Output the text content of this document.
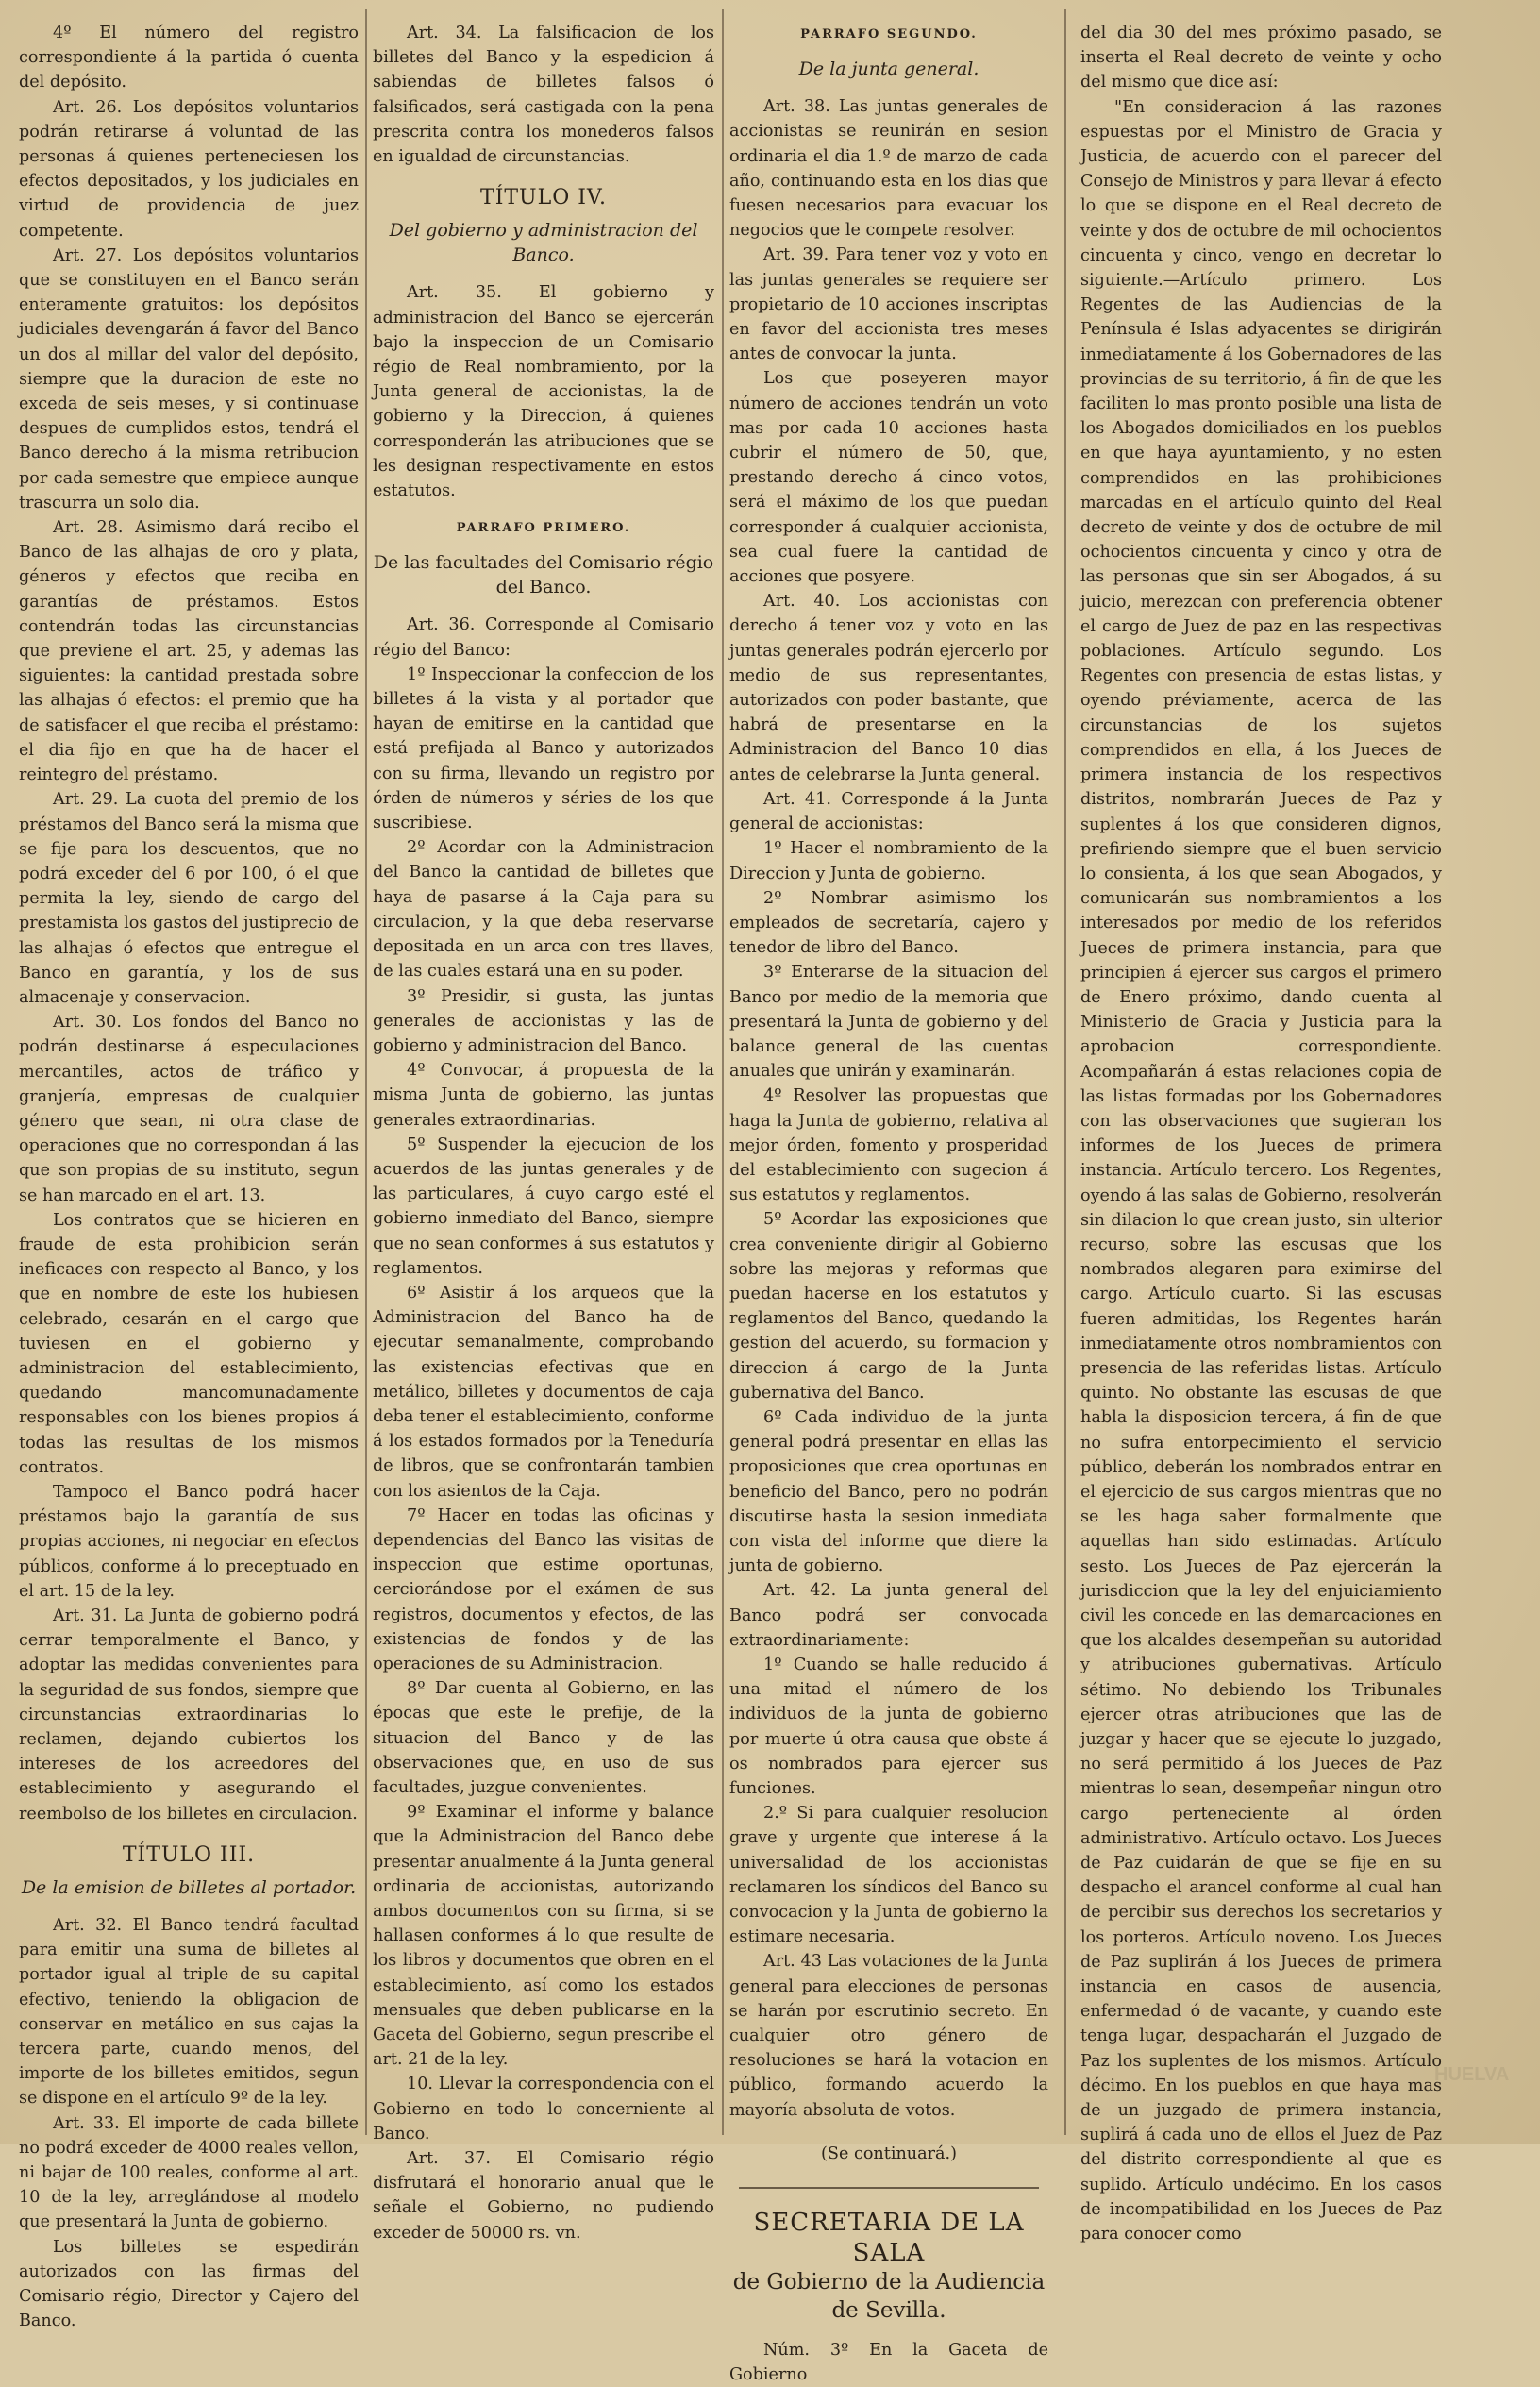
4º El número del registro correspondiente á la partida ó cuenta del depósito.

Art. 26. Los depósitos voluntarios podrán retirarse á voluntad de las personas á quienes perteneciesen los efectos depositados, y los judiciales en virtud de providencia de juez competente.

Art. 27. Los depósitos voluntarios que se constituyen en el Banco serán enteramente gratuitos: los depósitos judiciales devengarán á favor del Banco un dos al millar del valor del depósito, siempre que la duracion de este no exceda de seis meses, y si continuase despues de cumplidos estos, tendrá el Banco derecho á la misma retribucion por cada semestre que empiece aunque trascurra un solo dia.

Art. 28. Asimismo dará recibo el Banco de las alhajas de oro y plata, géneros y efectos que reciba en garantías de préstamos. Estos contendrán todas las circunstancias que previene el art. 25, y ademas las siguientes: la cantidad prestada sobre las alhajas ó efectos: el premio que ha de satisfacer el que reciba el préstamo: el dia fijo en que ha de hacer el reintegro del préstamo.

Art. 29. La cuota del premio de los préstamos del Banco será la misma que se fije para los descuentos, que no podrá exceder del 6 por 100, ó el que permita la ley, siendo de cargo del prestamista los gastos del justiprecio de las alhajas ó efectos que entregue el Banco en garantía, y los de sus almacenaje y conservacion.

Art. 30. Los fondos del Banco no podrán destinarse á especulaciones mercantiles, actos de tráfico y granjería, empresas de cualquier género que sean, ni otra clase de operaciones que no correspondan á las que son propias de su instituto, segun se han marcado en el art. 13.

Los contratos que se hicieren en fraude de esta prohibicion serán ineficaces con respecto al Banco, y los que en nombre de este los hubiesen celebrado, cesarán en el cargo que tuviesen en el gobierno y administracion del establecimiento, quedando mancomunadamente responsables con los bienes propios á todas las resultas de los mismos contratos.

Tampoco el Banco podrá hacer préstamos bajo la garantía de sus propias acciones, ni negociar en efectos públicos, conforme á lo preceptuado en el art. 15 de la ley.

Art. 31. La Junta de gobierno podrá cerrar temporalmente el Banco, y adoptar las medidas convenientes para la seguridad de sus fondos, siempre que circunstancias extraordinarias lo reclamen, dejando cubiertos los intereses de los acreedores del establecimiento y asegurando el reembolso de los billetes en circulacion.

TÍTULO III.

De la emision de billetes al portador.

Art. 32. El Banco tendrá facultad para emitir una suma de billetes al portador igual al triple de su capital efectivo, teniendo la obligacion de conservar en metálico en sus cajas la tercera parte, cuando menos, del importe de los billetes emitidos, segun se dispone en el artículo 9º de la ley.

Art. 33. El importe de cada billete no podrá exceder de 4000 reales vellon, ni bajar de 100 reales, conforme al art. 10 de la ley, arreglándose al modelo que presentará la Junta de gobierno.

Los billetes se espedirán autorizados con las firmas del Comisario régio, Director y Cajero del Banco.

Art. 34. La falsificacion de los billetes del Banco y la espedicion á sabiendas de billetes falsos ó falsificados, será castigada con la pena prescrita contra los monederos falsos en igualdad de circunstancias.

TÍTULO IV.

Del gobierno y administracion del Banco.

Art. 35. El gobierno y administracion del Banco se ejercerán bajo la inspeccion de un Comisario régio de Real nombramiento, por la Junta general de accionistas, la de gobierno y la Direccion, á quienes corresponderán las atribuciones que se les designan respectivamente en estos estatutos.

PARRAFO PRIMERO.

De las facultades del Comisario régio del Banco.

Art. 36. Corresponde al Comisario régio del Banco:

1º Inspeccionar la confeccion de los billetes á la vista y al portador que hayan de emitirse en la cantidad que está prefijada al Banco y autorizados con su firma, llevando un registro por órden de números y séries de los que suscribiese.

2º Acordar con la Administracion del Banco la cantidad de billetes que haya de pasarse á la Caja para su circulacion, y la que deba reservarse depositada en un arca con tres llaves, de las cuales estará una en su poder.

3º Presidir, si gusta, las juntas generales de accionistas y las de gobierno y administracion del Banco.

4º Convocar, á propuesta de la misma Junta de gobierno, las juntas generales extraordinarias.

5º Suspender la ejecucion de los acuerdos de las juntas generales y de las particulares, á cuyo cargo esté el gobierno inmediato del Banco, siempre que no sean conformes á sus estatutos y reglamentos.

6º Asistir á los arqueos que la Administracion del Banco ha de ejecutar semanalmente, comprobando las existencias efectivas que en metálico, billetes y documentos de caja deba tener el establecimiento, conforme á los estados formados por la Teneduría de libros, que se confrontarán tambien con los asientos de la Caja.

7º Hacer en todas las oficinas y dependencias del Banco las visitas de inspeccion que estime oportunas, cerciorándose por el exámen de sus registros, documentos y efectos, de las existencias de fondos y de las operaciones de su Administracion.

8º Dar cuenta al Gobierno, en las épocas que este le prefije, de la situacion del Banco y de las observaciones que, en uso de sus facultades, juzgue convenientes.

9º Examinar el informe y balance que la Administracion del Banco debe presentar anualmente á la Junta general ordinaria de accionistas, autorizando ambos documentos con su firma, si se hallasen conformes á lo que resulte de los libros y documentos que obren en el establecimiento, así como los estados mensuales que deben publicarse en la Gaceta del Gobierno, segun prescribe el art. 21 de la ley.

10. Llevar la correspondencia con el Gobierno en todo lo concerniente al Banco.

Art. 37. El Comisario régio disfrutará el honorario anual que le señale el Gobierno, no pudiendo exceder de 50000 rs. vn.

PARRAFO SEGUNDO.

De la junta general.

Art. 38. Las juntas generales de accionistas se reunirán en sesion ordinaria el dia 1.º de marzo de cada año, continuando esta en los dias que fuesen necesarios para evacuar los negocios que le compete resolver.

Art. 39. Para tener voz y voto en las juntas generales se requiere ser propietario de 10 acciones inscriptas en favor del accionista tres meses antes de convocar la junta.

Los que poseyeren mayor número de acciones tendrán un voto mas por cada 10 acciones hasta cubrir el número de 50, que, prestando derecho á cinco votos, será el máximo de los que puedan corresponder á cualquier accionista, sea cual fuere la cantidad de acciones que posyere.

Art. 40. Los accionistas con derecho á tener voz y voto en las juntas generales podrán ejercerlo por medio de sus representantes, autorizados con poder bastante, que habrá de presentarse en la Administracion del Banco 10 dias antes de celebrarse la Junta general.

Art. 41. Corresponde á la Junta general de accionistas:

1º Hacer el nombramiento de la Direccion y Junta de gobierno.

2º Nombrar asimismo los empleados de secretaría, cajero y tenedor de libro del Banco.

3º Enterarse de la situacion del Banco por medio de la memoria que presentará la Junta de gobierno y del balance general de las cuentas anuales que unirán y examinarán.

4º Resolver las propuestas que haga la Junta de gobierno, relativa al mejor órden, fomento y prosperidad del establecimiento con sugecion á sus estatutos y reglamentos.

5º Acordar las exposiciones que crea conveniente dirigir al Gobierno sobre las mejoras y reformas que puedan hacerse en los estatutos y reglamentos del Banco, quedando la gestion del acuerdo, su formacion y direccion á cargo de la Junta gubernativa del Banco.

6º Cada individuo de la junta general podrá presentar en ellas las proposiciones que crea oportunas en beneficio del Banco, pero no podrán discutirse hasta la sesion inmediata con vista del informe que diere la junta de gobierno.

Art. 42. La junta general del Banco podrá ser convocada extraordinariamente:

1º Cuando se halle reducido á una mitad el número de los individuos de la junta de gobierno por muerte ú otra causa que obste á os nombrados para ejercer sus funciones.

2.º Si para cualquier resolucion grave y urgente que interese á la universalidad de los accionistas reclamaren los síndicos del Banco su convocacion y la Junta de gobierno la estimare necesaria.

Art. 43 Las votaciones de la Junta general para elecciones de personas se harán por escrutinio secreto. En cualquier otro género de resoluciones se hará la votacion en público, formando acuerdo la mayoría absoluta de votos.

(Se continuará.)

SECRETARIA DE LA SALA

de Gobierno de la Audiencia

de Sevilla.

Núm. 3º En la Gaceta de Gobierno

del dia 30 del mes próximo pasado, se inserta el Real decreto de veinte y ocho del mismo que dice así:

"En consideracion á las razones espuestas por el Ministro de Gracia y Justicia, de acuerdo con el parecer del Consejo de Ministros y para llevar á efecto lo que se dispone en el Real decreto de veinte y dos de octubre de mil ochocientos cincuenta y cinco, vengo en decretar lo siguiente.—Artículo primero. Los Regentes de las Audiencias de la Península é Islas adyacentes se dirigirán inmediatamente á los Gobernadores de las provincias de su territorio, á fin de que les faciliten lo mas pronto posible una lista de los Abogados domiciliados en los pueblos en que haya ayuntamiento, y no esten comprendidos en las prohibiciones marcadas en el artículo quinto del Real decreto de veinte y dos de octubre de mil ochocientos cincuenta y cinco y otra de las personas que sin ser Abogados, á su juicio, merezcan con preferencia obtener el cargo de Juez de paz en las respectivas poblaciones. Artículo segundo. Los Regentes con presencia de estas listas, y oyendo préviamente, acerca de las circunstancias de los sujetos comprendidos en ella, á los Jueces de primera instancia de los respectivos distritos, nombrarán Jueces de Paz y suplentes á los que consideren dignos, prefiriendo siempre que el buen servicio lo consienta, á los que sean Abogados, y comunicarán sus nombramientos a los interesados por medio de los referidos Jueces de primera instancia, para que principien á ejercer sus cargos el primero de Enero próximo, dando cuenta al Ministerio de Gracia y Justicia para la aprobacion correspondiente. Acompañarán á estas relaciones copia de las listas formadas por los Gobernadores con las observaciones que sugieran los informes de los Jueces de primera instancia. Artículo tercero. Los Regentes, oyendo á las salas de Gobierno, resolverán sin dilacion lo que crean justo, sin ulterior recurso, sobre las escusas que los nombrados alegaren para eximirse del cargo. Artículo cuarto. Si las escusas fueren admitidas, los Regentes harán inmediatamente otros nombramientos con presencia de las referidas listas. Artículo quinto. No obstante las escusas de que habla la disposicion tercera, á fin de que no sufra entorpecimiento el servicio público, deberán los nombrados entrar en el ejercicio de sus cargos mientras que no se les haga saber formalmente que aquellas han sido estimadas. Artículo sesto. Los Jueces de Paz ejercerán la jurisdiccion que la ley del enjuiciamiento civil les concede en las demarcaciones en que los alcaldes desempeñan su autoridad y atribuciones gubernativas. Artículo sétimo. No debiendo los Tribunales ejercer otras atribuciones que las de juzgar y hacer que se ejecute lo juzgado, no será permitido á los Jueces de Paz mientras lo sean, desempeñar ningun otro cargo perteneciente al órden administrativo. Artículo octavo. Los Jueces de Paz cuidarán de que se fije en su despacho el arancel conforme al cual han de percibir sus derechos los secretarios y los porteros. Artículo noveno. Los Jueces de Paz suplirán á los Jueces de primera instancia en casos de ausencia, enfermedad ó de vacante, y cuando este tenga lugar, despacharán el Juzgado de Paz los suplentes de los mismos. Artículo décimo. En los pueblos en que haya mas de un juzgado de primera instancia, suplirá á cada uno de ellos el Juez de Paz del distrito correspondiente al que es suplido. Artículo undécimo. En los casos de incompatibilidad en los Jueces de Paz para conocer como

HUELVA
